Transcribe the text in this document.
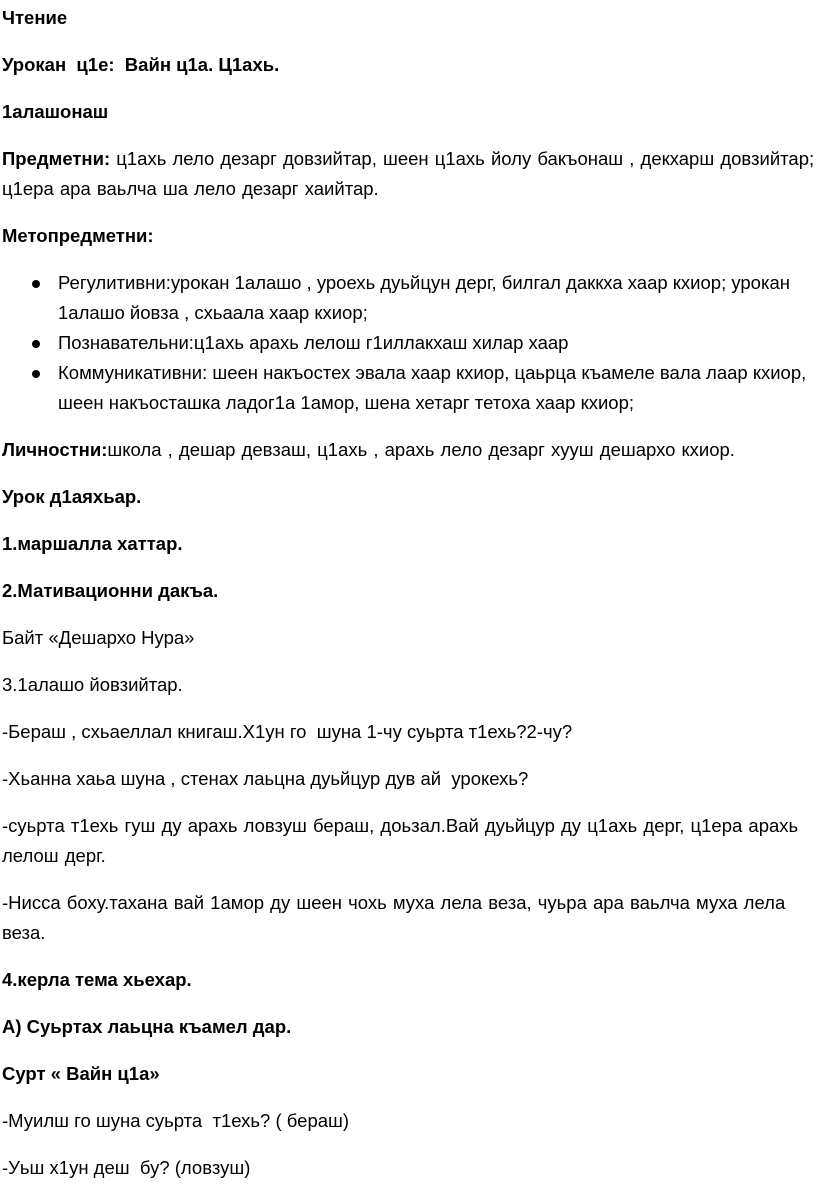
Чтение

Урокан  ц1е:  Вайн ц1а. Ц1ахь.

1алашонаш

Предметни: ц1ахь лело дезарг довзийтар, шеен ц1ахь йолу бакъонаш , декхарш довзийтар; ц1ера ара ваьлча ша лело дезарг хаийтар.

Метопредметни:

Регулитивни:урокан 1алашо , уроехь дуьйцун дерг, билгал даккха хаар кхиор; урокан 1алашо йовза , схьаала хаар кхиор;
Познавательни:ц1ахь арахь лелош г1иллакхаш хилар хаар
Коммуникативни: шеен накъостех эвала хаар кхиор, цаьрца къамеле вала лаар кхиор, шеен накъосташка ладог1а 1амор, шена хетарг тетоха хаар кхиор;

Личностни:школа , дешар девзаш, ц1ахь , арахь лело дезарг хууш дешархо кхиор.

Урок д1аяхьар.

1.маршалла хаттар.

2.Мативационни дакъа.

Байт «Дешархо Нура»

3.1алашо йовзийтар.

-Бераш , схьаеллал книгаш.Х1ун го  шуна 1-чу суьрта т1ехь?2-чу?

-Хьанна хаьа шуна , стенах лаьцна дуьйцур дув ай  урокехь?

-суьрта т1ехь гуш ду арахь ловзуш бераш, доьзал.Вай дуьйцур ду ц1ахь дерг, ц1ера арахь лелош дерг.

-Нисса боху.тахана вай 1амор ду шеен чохь муха лела веза, чуьра ара ваьлча муха лела веза.

4.керла тема хьехар.

А) Суьртах лаьцна къамел дар.

Сурт « Вайн ц1а»

-Муилш го шуна суьрта  т1ехь? ( бераш)

-Уьш х1ун деш  бу? (ловзуш)
